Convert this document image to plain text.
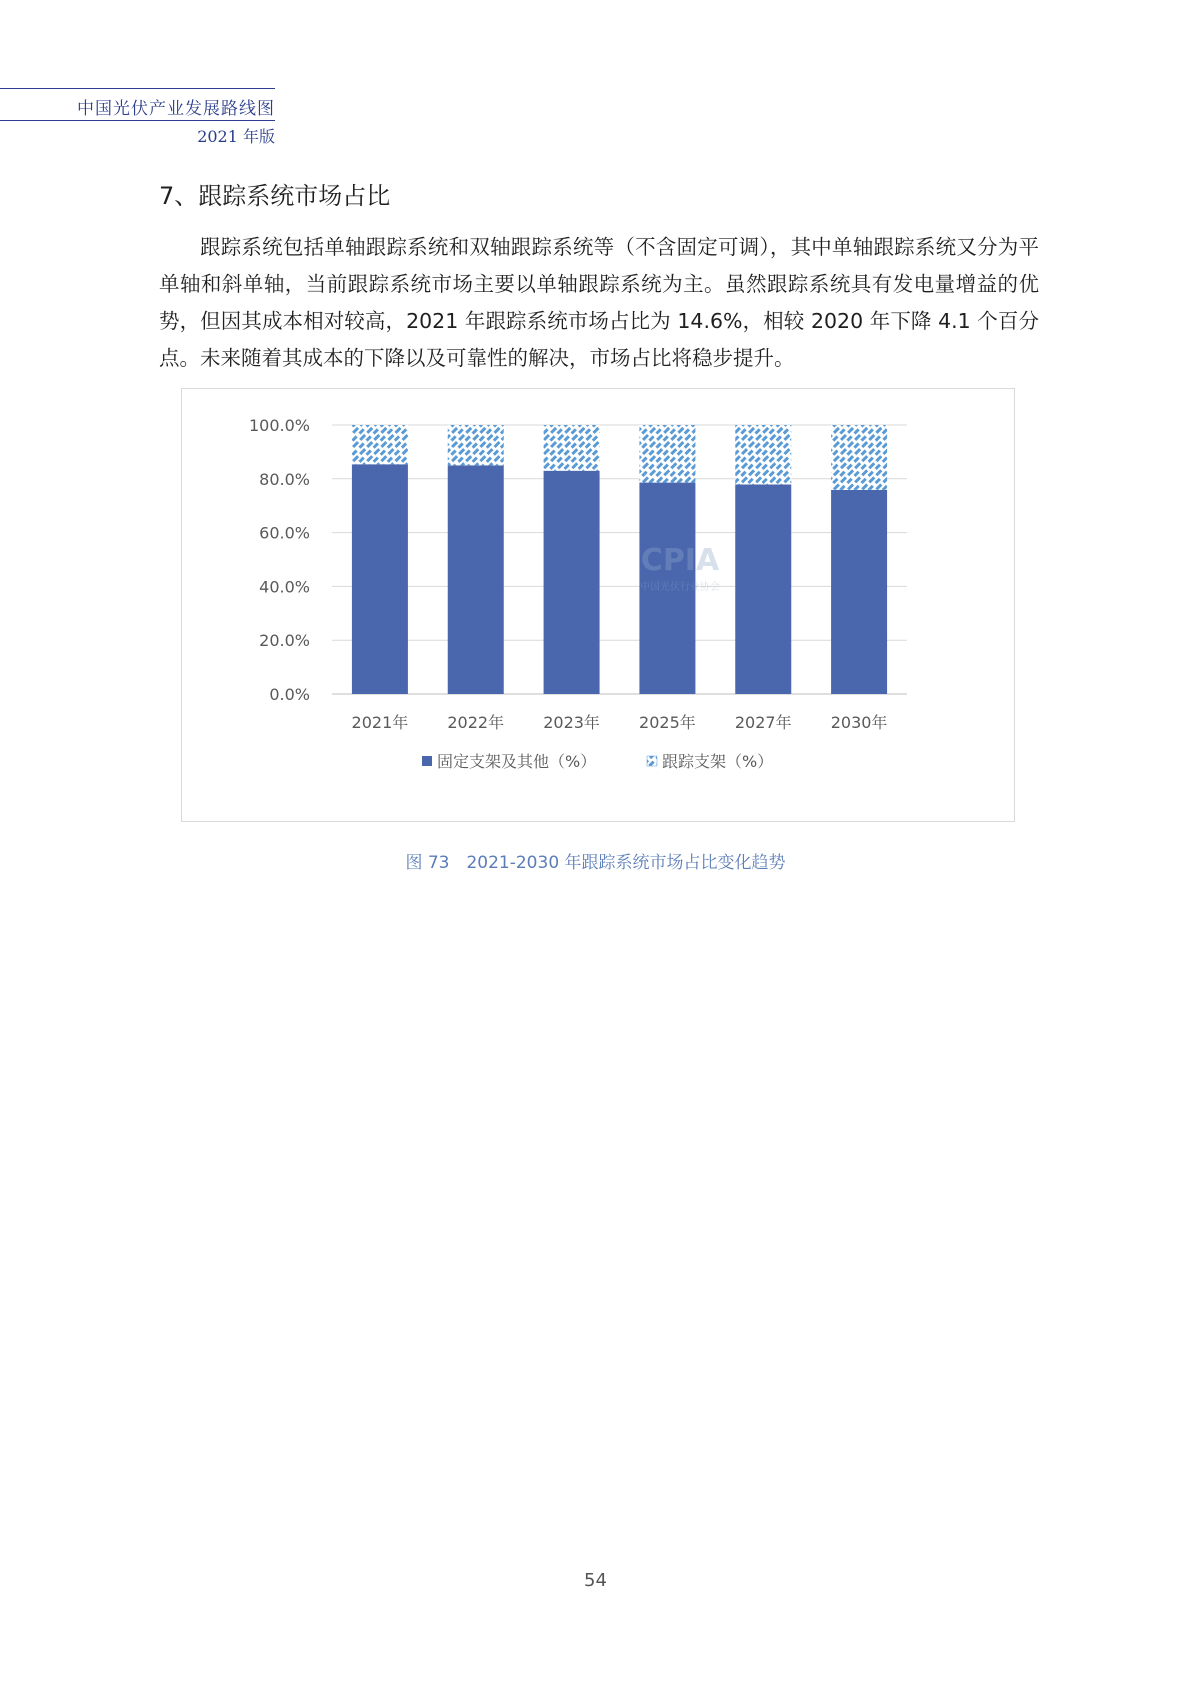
中国光伏产业发展路线图
2021 年版
7、跟踪系统市场占比
跟踪系统包括单轴跟踪系统和双轴跟踪系统等（不含固定可调），其中单轴跟踪系统又分为平单轴和斜单轴，当前跟踪系统市场主要以单轴跟踪系统为主。虽然跟踪系统具有发电量增益的优势，但因其成本相对较高，2021 年跟踪系统市场占比为 14.6%，相较 2020 年下降 4.1 个百分点。未来随着其成本的下降以及可靠性的解决，市场占比将稳步提升。
0.0%
20.0%
40.0%
60.0%
80.0%
100.0%
2021年 2022年 2023年 2025年 2027年 2030年
固定支架及其他（%）	跟踪支架（%）
CPIA
中国光伏行业协会
图 73　2021-2030 年跟踪系统市场占比变化趋势
54
